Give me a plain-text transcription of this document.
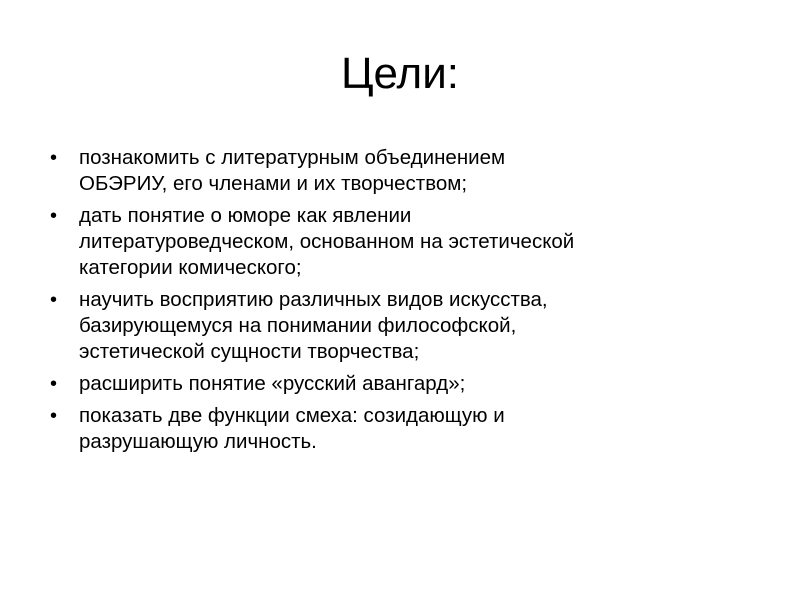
Цели:
• познакомить с литературным объединением
ОБЭРИУ, его членами и их творчеством;
• дать понятие о юморе как явлении
литературоведческом, основанном на эстетической
категории комического;
• научить восприятию различных видов искусства,
базирующемуся на понимании философской,
эстетической сущности творчества;
• расширить понятие «русский авангард»;
• показать две функции смеха: созидающую и
разрушающую личность.
